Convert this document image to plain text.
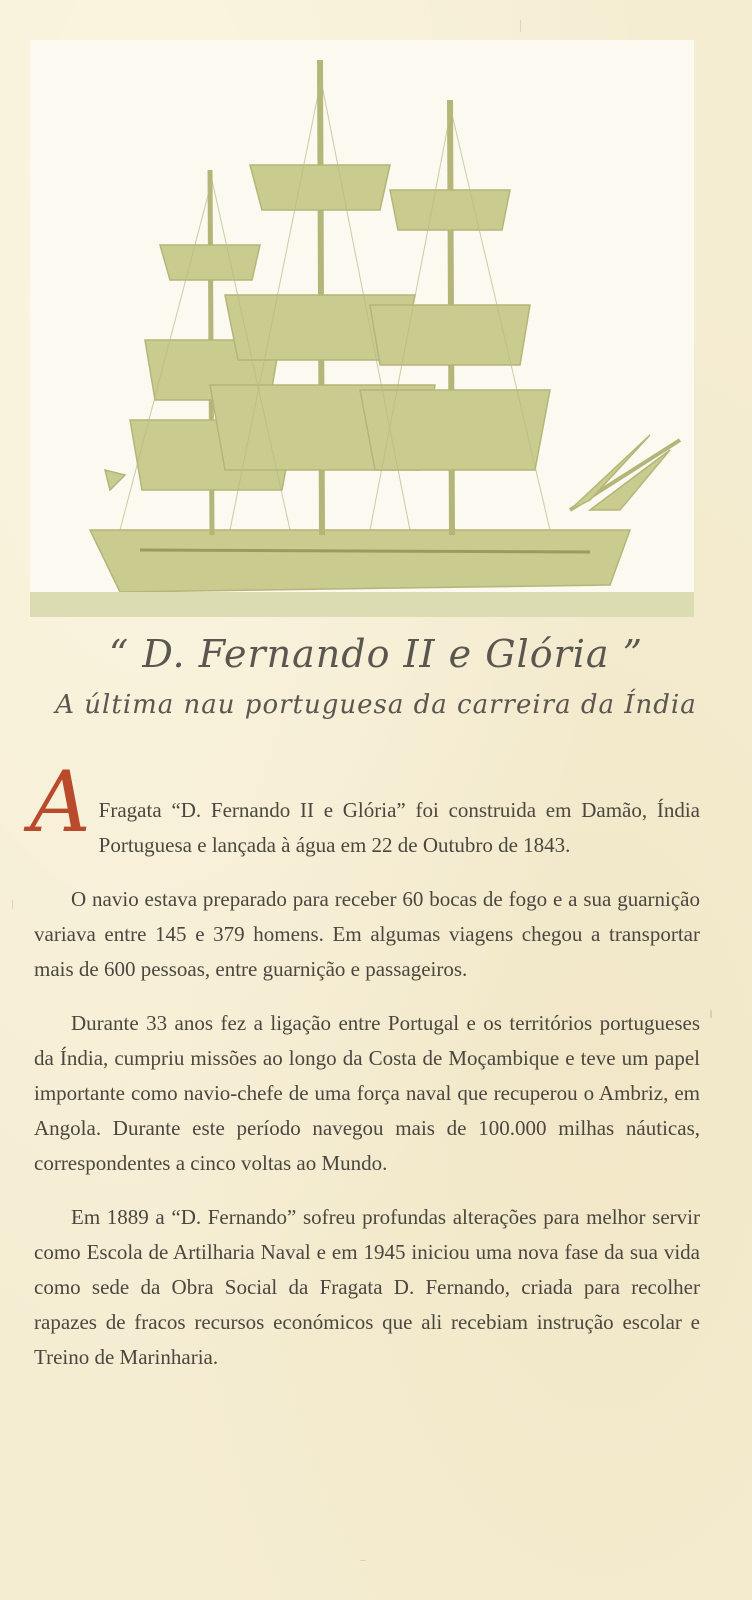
“ D. Fernando II e Glória ”
A última nau portuguesa da carreira da Índia

A Fragata “D. Fernando II e Glória” foi construida em Damão, Índia Portuguesa e lançada à água em 22 de Outubro de 1843.

O navio estava preparado para receber 60 bocas de fogo e a sua guarnição variava entre 145 e 379 homens. Em algumas viagens chegou a transportar mais de 600 pessoas, entre guarnição e passageiros.

Durante 33 anos fez a ligação entre Portugal e os territórios portugueses da Índia, cumpriu missões ao longo da Costa de Moçambique e teve um papel importante como navio-chefe de uma força naval que recuperou o Ambriz, em Angola. Durante este período navegou mais de 100.000 milhas náuticas, correspondentes a cinco voltas ao Mundo.

Em 1889 a “D. Fernando” sofreu profundas alterações para melhor servir como Escola de Artilharia Naval e em 1945 iniciou uma nova fase da sua vida como sede da Obra Social da Fragata D. Fernando, criada para recolher rapazes de fracos recursos económicos que ali recebiam instrução escolar e Treino de Marinharia.
